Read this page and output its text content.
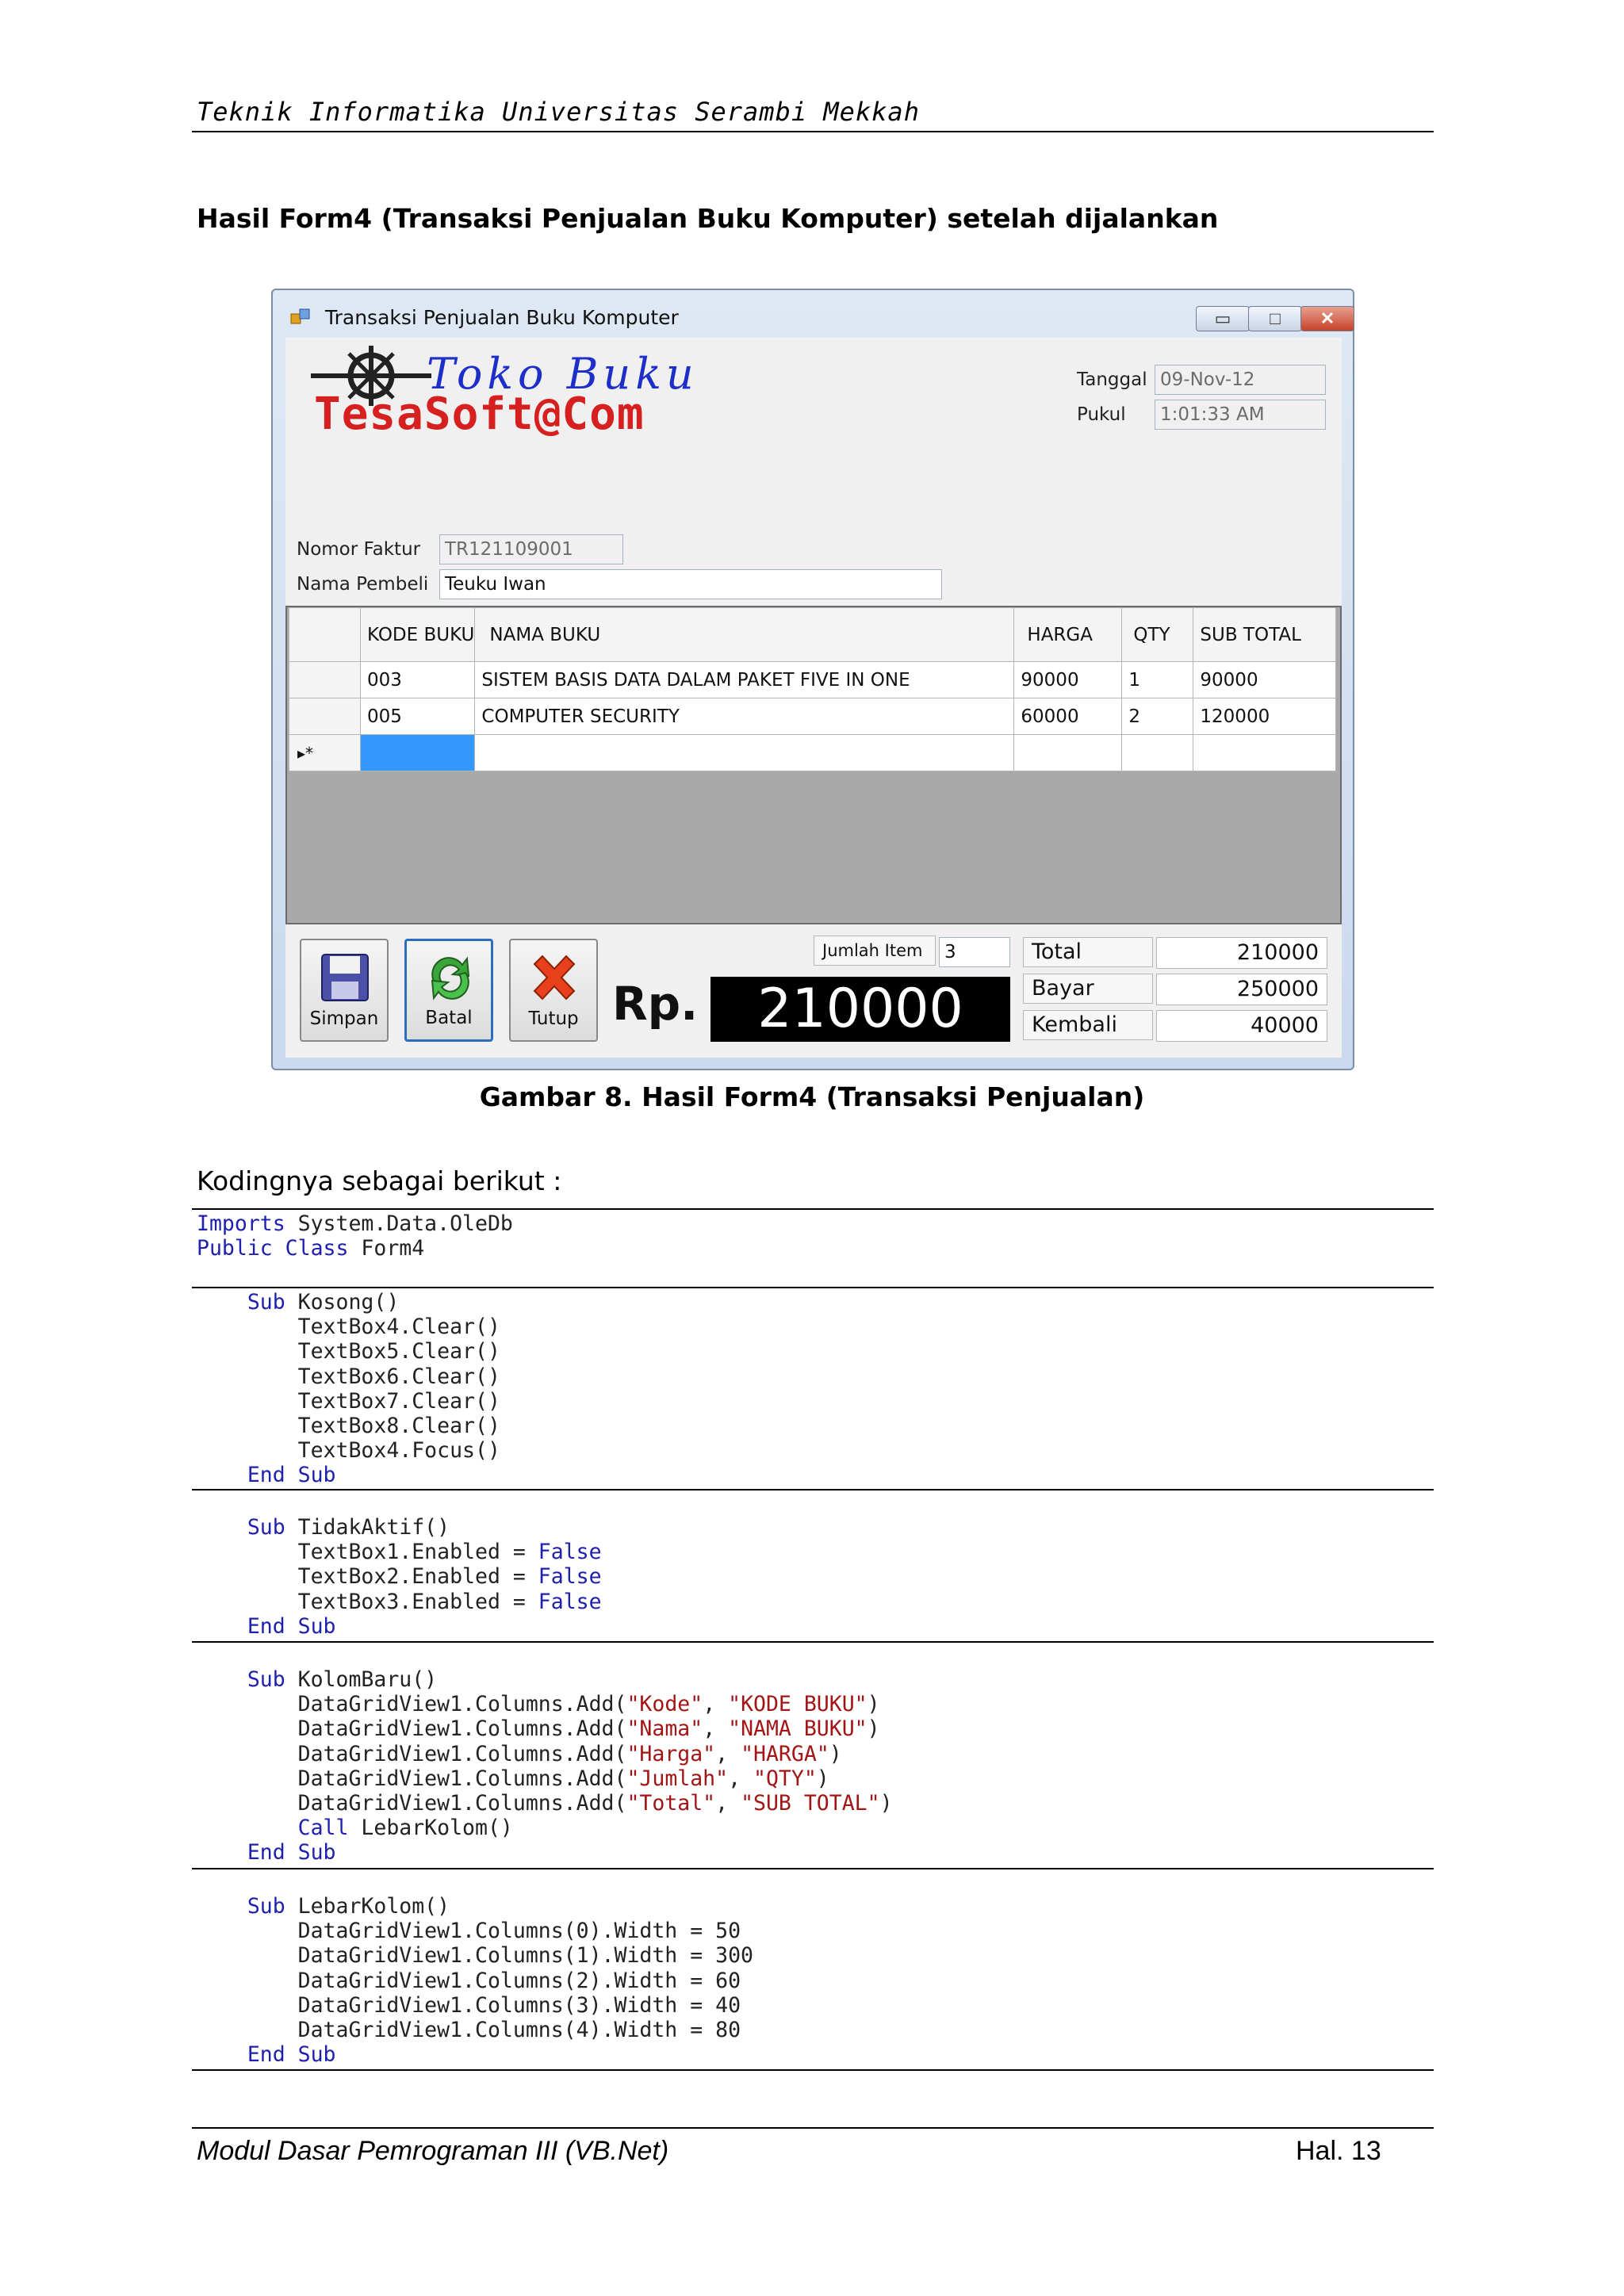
Teknik Informatika Universitas Serambi Mekkah
Hasil Form4 (Transaksi Penjualan Buku Komputer) setelah dijalankan
Transaksi Penjualan Buku Komputer	▭	□	✕
Toko Buku
TesaSoft@Com
Tanggal 09-Nov-12
Pukul	1:01:33 AM
Nomor Faktur	TR121109001
Nama Pembeli Teuku Iwan
	KODE BUKU	NAMA BUKU	HARGA	QTY	SUB TOTAL
	003	SISTEM BASIS DATA DALAM PAKET FIVE IN ONE	90000	1	90000
	005	COMPUTER SECURITY	60000	2	120000
▸*					
Simpan	Batal	Tutup Rp.	210000
Jumlah Item	3	Total	210000
Bayar	250000
Kembali	40000
Gambar 8. Hasil Form4 (Transaksi Penjualan)
Kodingnya sebagai berikut :
Imports System.Data.OleDb
Public Class Form4
Sub Kosong()
TextBox4.Clear()
TextBox5.Clear()
TextBox6.Clear()
TextBox7.Clear()
TextBox8.Clear()
TextBox4.Focus()
End Sub
Sub TidakAktif()
TextBox1.Enabled = False
TextBox2.Enabled = False
TextBox3.Enabled = False
End Sub
Sub KolomBaru()
DataGridView1.Columns.Add("Kode", "KODE BUKU")
DataGridView1.Columns.Add("Nama", "NAMA BUKU")
DataGridView1.Columns.Add("Harga", "HARGA")
DataGridView1.Columns.Add("Jumlah", "QTY")
DataGridView1.Columns.Add("Total", "SUB TOTAL")
Call LebarKolom()
End Sub
Sub LebarKolom()
DataGridView1.Columns(0).Width = 50
DataGridView1.Columns(1).Width = 300
DataGridView1.Columns(2).Width = 60
DataGridView1.Columns(3).Width = 40
DataGridView1.Columns(4).Width = 80
End Sub
Modul Dasar Pemrograman III (VB.Net)	Hal. 13
